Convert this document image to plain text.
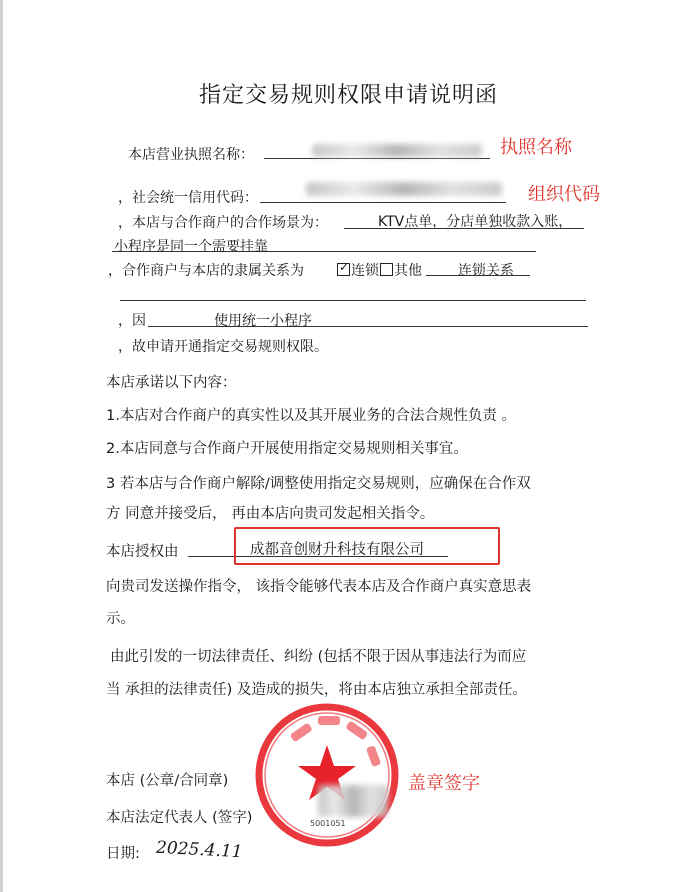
指定交易规则权限申请说明函
本店营业执照名称：	执照名称
，社会统一信用代码：	组织代码
，本店与合作商户的合作场景为：	KTV点单，分店单独收款入账，
小程序是同一个需要挂靠
，合作商户与本店的隶属关系为	✓ 连锁 其他	连锁关系
，因	使用统一小程序
，故申请开通指定交易规则权限。
本店承诺以下内容：
1.本店对合作商户的真实性以及其开展业务的合法合规性负责 。
2.本店同意与合作商户开展使用指定交易规则相关事宜。
3 若本店与合作商户解除/调整使用指定交易规则，应确保在合作双
方 同意并接受后， 再由本店向贵司发起相关指令。
本店授权由	成都音创财升科技有限公司
向贵司发送操作指令， 该指令能够代表本店及合作商户真实意思表
示。
由此引发的一切法律责任、纠纷 (包括不限于因从事违法行为而应
当 承担的法律责任) 及造成的损失，将由本店独立承担全部责任。
5001051
盖章签字
本店 (公章/合同章)
本店法定代表人 (签字)
日期: 2025.4.11
